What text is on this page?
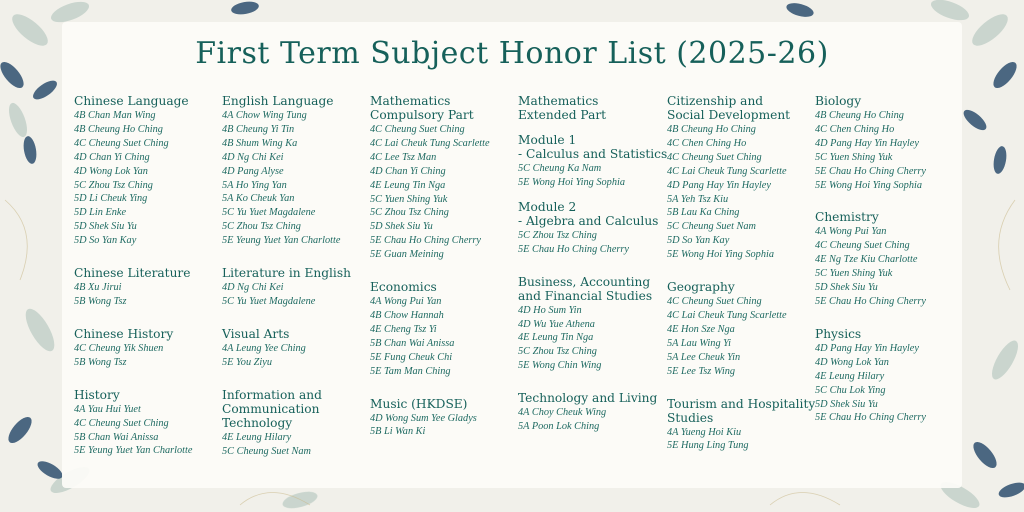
First Term Subject Honor List (2025-26)
Chinese Language

4B Chan Man Wing

4B Cheung Ho Ching

4C Cheung Suet Ching

4D Chan Yi Ching

4D Wong Lok Yan

5C Zhou Tsz Ching

5D Li Cheuk Ying

5D Lin Enke

5D Shek Siu Yu

5D So Yan Kay

Chinese Literature

4B Xu Jirui

5B Wong Tsz

Chinese History

4C Cheung Yik Shuen

5B Wong Tsz

History

4A Yau Hui Yuet

4C Cheung Suet Ching

5B Chan Wai Anissa

5E Yeung Yuet Yan Charlotte

English Language

4A Chow Wing Tung

4B Cheung Yi Tin

4B Shum Wing Ka

4D Ng Chi Kei

4D Pang Alyse

5A Ho Ying Yan

5A Ko Cheuk Yan

5C Yu Yuet Magdalene

5C Zhou Tsz Ching

5E Yeung Yuet Yan Charlotte

Literature in English

4D Ng Chi Kei

5C Yu Yuet Magdalene

Visual Arts

4A Leung Yee Ching

5E You Ziyu

Information and
Communication
Technology

4E Leung Hilary

5C Cheung Suet Nam

Mathematics
Compulsory Part

4C Cheung Suet Ching

4C Lai Cheuk Tung Scarlette

4C Lee Tsz Man

4D Chan Yi Ching

4E Leung Tin Nga

5C Yuen Shing Yuk

5C Zhou Tsz Ching

5D Shek Siu Yu

5E Chau Ho Ching Cherry

5E Guan Meining

Economics

4A Wong Pui Yan

4B Chow Hannah

4E Cheng Tsz Yi

5B Chan Wai Anissa

5E Fung Cheuk Chi

5E Tam Man Ching

Music (HKDSE)

4D Wong Sum Yee Gladys

5B Li Wan Ki

Mathematics
Extended Part
Module 1
- Calculus and Statistics

5C Cheung Ka Nam

5E Wong Hoi Ying Sophia

Module 2
- Algebra and Calculus

5C Zhou Tsz Ching

5E Chau Ho Ching Cherry

Business, Accounting
and Financial Studies

4D Ho Sum Yin

4D Wu Yue Athena

4E Leung Tin Nga

5C Zhou Tsz Ching

5E Wong Chin Wing

Technology and Living

4A Choy Cheuk Wing

5A Poon Lok Ching

Citizenship and
Social Development

4B Cheung Ho Ching

4C Chen Ching Ho

4C Cheung Suet Ching

4C Lai Cheuk Tung Scarlette

4D Pang Hay Yin Hayley

5A Yeh Tsz Kiu

5B Lau Ka Ching

5C Cheung Suet Nam

5D So Yan Kay

5E Wong Hoi Ying Sophia

Geography

4C Cheung Suet Ching

4C Lai Cheuk Tung Scarlette

4E Hon Sze Nga

5A Lau Wing Yi

5A Lee Cheuk Yin

5E Lee Tsz Wing

Tourism and Hospitality
Studies

4A Yueng Hoi Kiu

5E Hung Ling Tung

Biology

4B Cheung Ho Ching

4C Chen Ching Ho

4D Pang Hay Yin Hayley

5C Yuen Shing Yuk

5E Chau Ho Ching Cherry

5E Wong Hoi Ying Sophia

Chemistry

4A Wong Pui Yan

4C Cheung Suet Ching

4E Ng Tze Kiu Charlotte

5C Yuen Shing Yuk

5D Shek Siu Yu

5E Chau Ho Ching Cherry

Physics

4D Pang Hay Yin Hayley

4D Wong Lok Yan

4E Leung Hilary

5C Chu Lok Ying

5D Shek Siu Yu

5E Chau Ho Ching Cherry
